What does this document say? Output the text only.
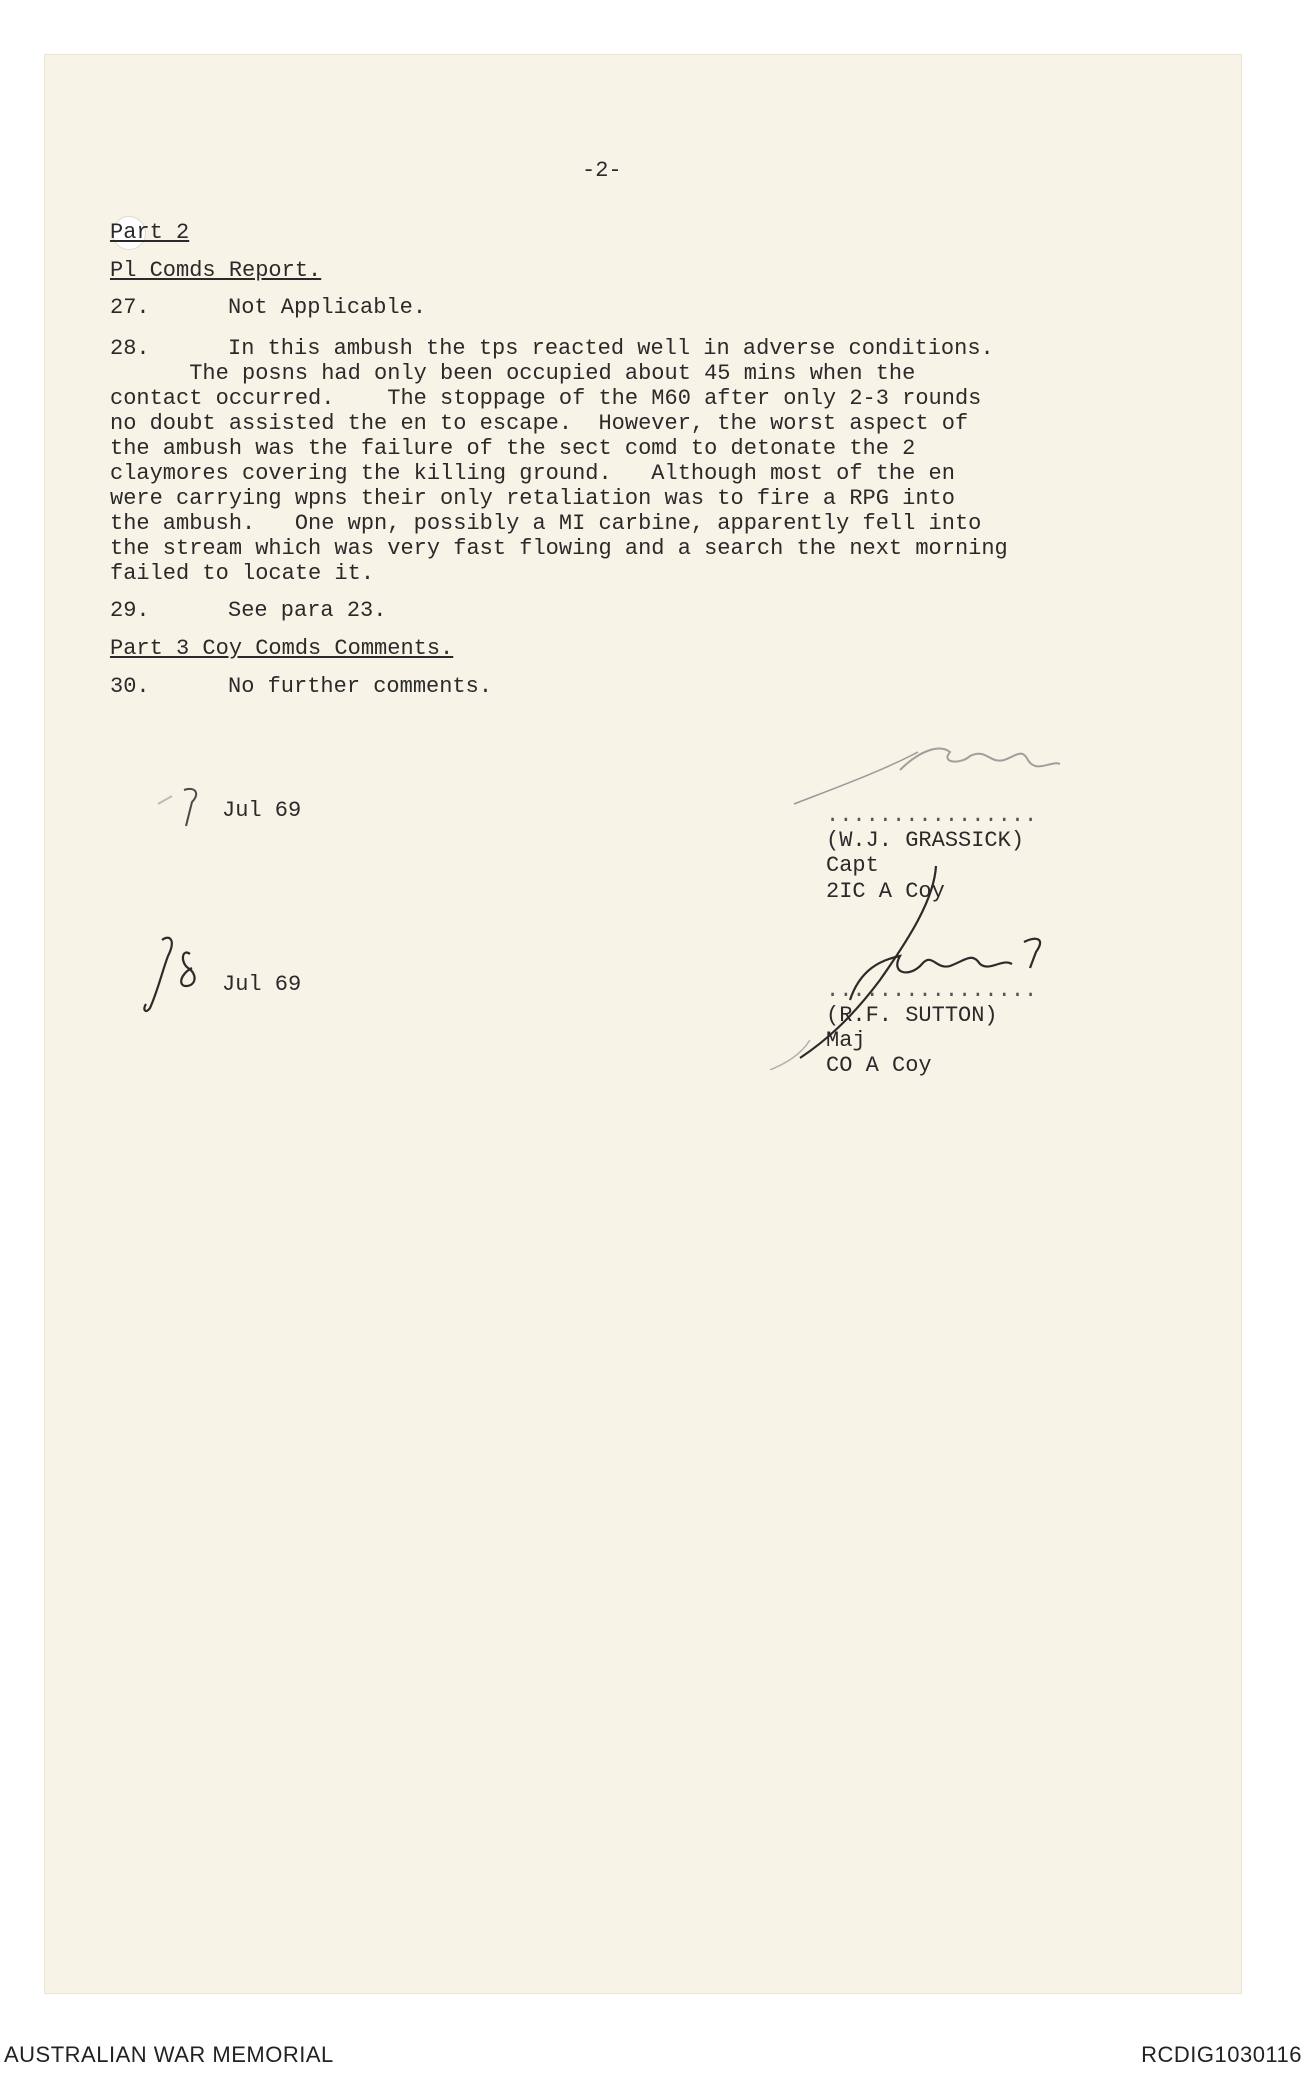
-2-

Part 2

Pl Comds Report.

27.	Not Applicable.

28.	In this ambush the tps reacted well in adverse conditions.

The posns had only been occupied about 45 mins when the

contact occurred.    The stoppage of the M60 after only 2-3 rounds

no doubt assisted the en to escape.  However, the worst aspect of

the ambush was the failure of the sect comd to detonate the 2

claymores covering the killing ground.   Although most of the en

were carrying wpns their only retaliation was to fire a RPG into

the ambush.   One wpn, possibly a MI carbine, apparently fell into

the stream which was very fast flowing and a search the next morning

failed to locate it.

29.	See para 23.

Part 3 Coy Comds Comments.

30.	No further comments.

Jul 69

Jul 69

................

(W.J. GRASSICK)

Capt

2IC A Coy

................

(R.F. SUTTON)

Maj

CO A Coy

AUSTRALIAN WAR MEMORIAL	RCDIG1030116
